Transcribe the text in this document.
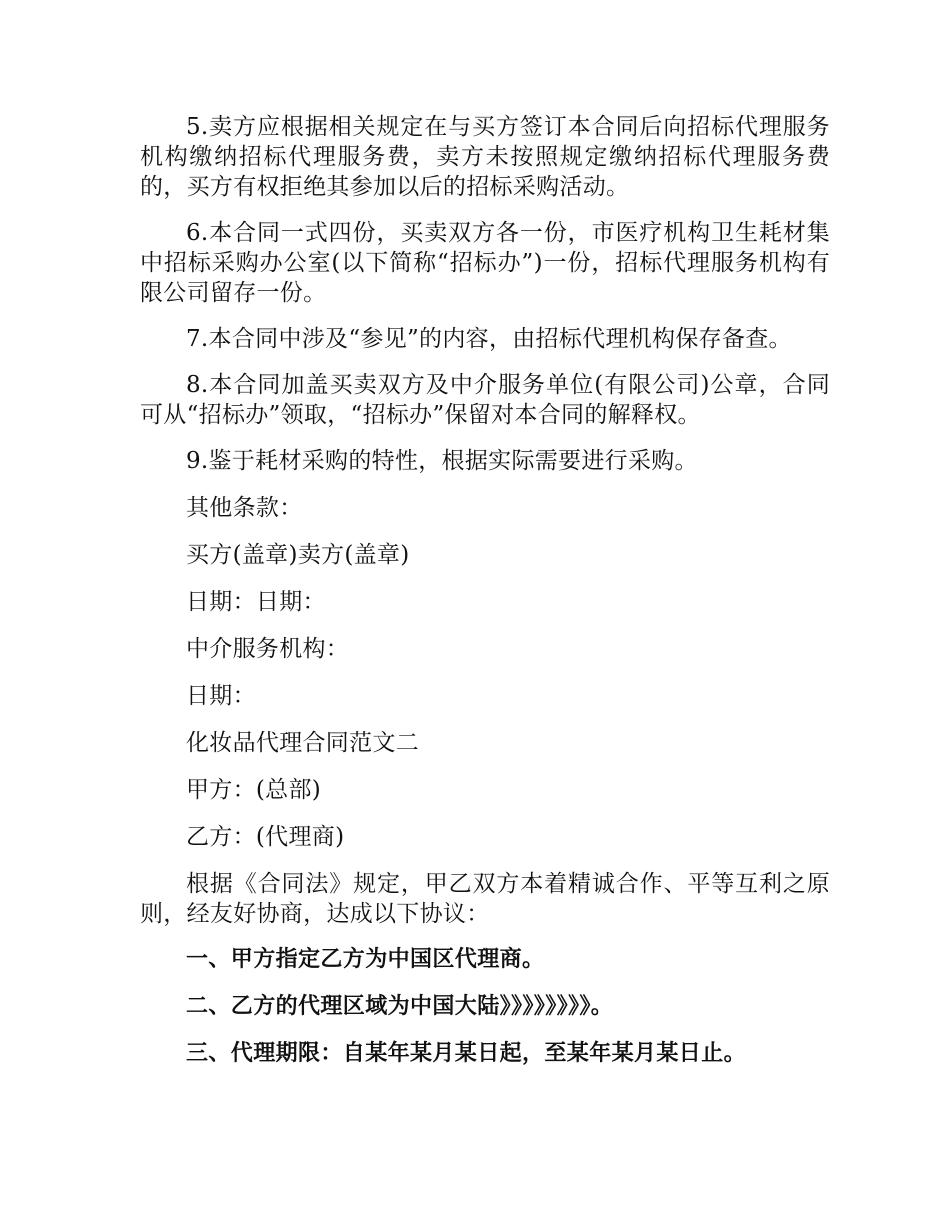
5.卖方应根据相关规定在与买方签订本合同后向招标代理服务机构缴纳招标代理服务费，卖方未按照规定缴纳招标代理服务费的，买方有权拒绝其参加以后的招标采购活动。

6.本合同一式四份，买卖双方各一份，市医疗机构卫生耗材集中招标采购办公室(以下简称“招标办”)一份，招标代理服务机构有限公司留存一份。

7.本合同中涉及“参见”的内容，由招标代理机构保存备查。

8.本合同加盖买卖双方及中介服务单位(有限公司)公章，合同可从“招标办”领取，“招标办”保留对本合同的解释权。

9.鉴于耗材采购的特性，根据实际需要进行采购。

其他条款：

买方(盖章)卖方(盖章)

日期：日期：

中介服务机构：

日期：

化妆品代理合同范文二

甲方：(总部)

乙方：(代理商)

根据《合同法》规定，甲乙双方本着精诚合作、平等互利之原则，经友好协商，达成以下协议：

一、甲方指定乙方为中国区代理商。

二、乙方的代理区域为中国大陆》》》》》》》》。

三、代理期限：自某年某月某日起，至某年某月某日止。
